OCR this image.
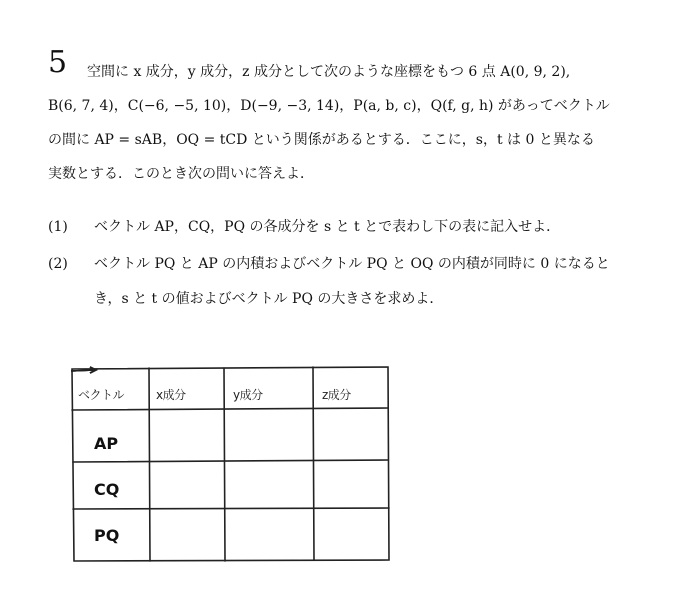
5 空間に x 成分，y 成分，z 成分として次のような座標をもつ 6 点 A(0, 9, 2),
B(6, 7, 4)，C(−6, −5, 10)，D(−9, −3, 14)，P(a, b, c)，Q(f, g, h) があってベクトル
の間に AP = sAB，OQ = tCD という関係があるとする．ここに，s，t は 0 と異なる
実数とする．このとき次の問いに答えよ．
(1) ベクトル AP，CQ，PQ の各成分を s と t とで表わし下の表に記入せよ．
(2) ベクトル PQ と AP の内積およびベクトル PQ と OQ の内積が同時に 0 になると
き，s と t の値およびベクトル PQ の大きさを求めよ．
ベクトル	x成分	y成分	z成分
AP
CQ
PQ
